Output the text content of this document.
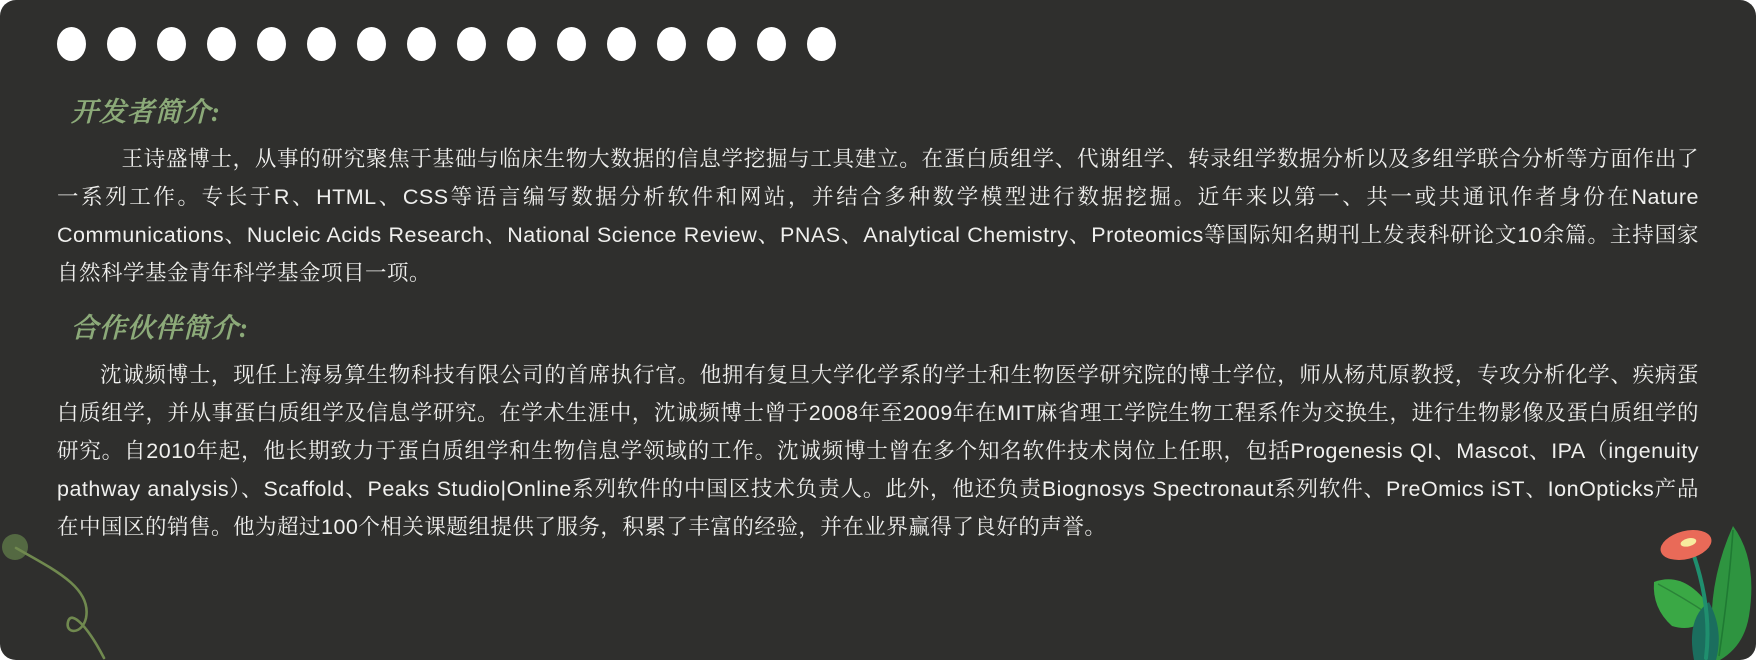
开发者简介:
王诗盛博士，从事的研究聚焦于基础与临床生物大数据的信息学挖掘与工具建立。在蛋白质组学、代谢组学、转录组学数据分析以及多组学联合分析等方面作出了一系列工作。专长于R、HTML、CSS等语言编写数据分析软件和网站，并结合多种数学模型进行数据挖掘。近年来以第一、共一或共通讯作者身份在Nature Communications、Nucleic Acids Research、National Science Review、PNAS、Analytical Chemistry、Proteomics等国际知名期刊上发表科研论文10余篇。主持国家自然科学基金青年科学基金项目一项。
合作伙伴简介:
沈诚频博士，现任上海易算生物科技有限公司的首席执行官。他拥有复旦大学化学系的学士和生物医学研究院的博士学位，师从杨芃原教授，专攻分析化学、疾病蛋白质组学，并从事蛋白质组学及信息学研究。在学术生涯中，沈诚频博士曾于2008年至2009年在MIT麻省理工学院生物工程系作为交换生，进行生物影像及蛋白质组学的研究。自2010年起，他长期致力于蛋白质组学和生物信息学领域的工作。沈诚频博士曾在多个知名软件技术岗位上任职，包括Progenesis QI、Mascot、IPA（ingenuity pathway analysis）、Scaffold、Peaks Studio|Online系列软件的中国区技术负责人。此外，他还负责Biognosys Spectronaut系列软件、PreOmics iST、IonOpticks产品在中国区的销售。他为超过100个相关课题组提供了服务，积累了丰富的经验，并在业界赢得了良好的声誉。
